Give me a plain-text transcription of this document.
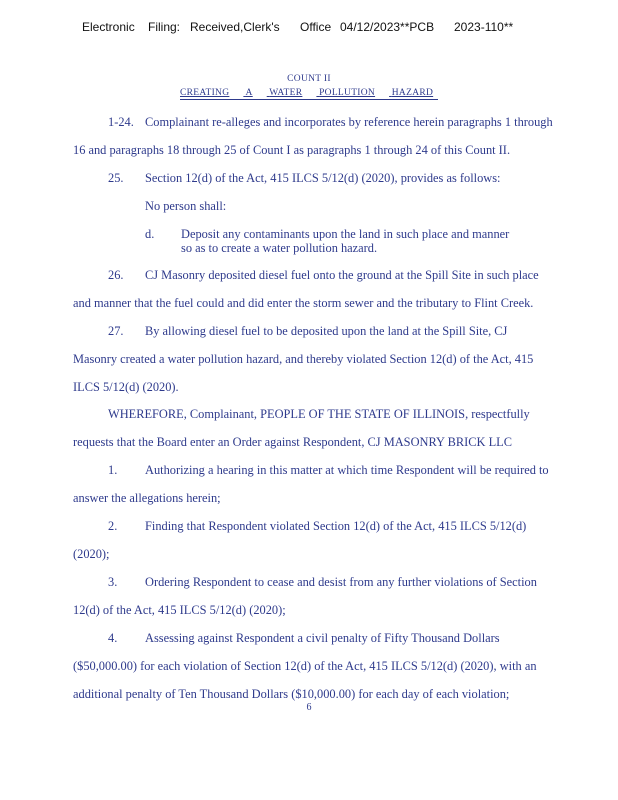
Electronic Filing: Received,Clerk's Office 04/12/2023**PCB 2023-110**
COUNT II
CREATING A WATER POLLUTION HAZARD
1-24. Complainant re-alleges and incorporates by reference herein paragraphs 1 through
16 and paragraphs 18 through 25 of Count I as paragraphs 1 through 24 of this Count II.
25. Section 12(d) of the Act, 415 ILCS 5/12(d) (2020), provides as follows:
No person shall:
d. Deposit any contaminants upon the land in such place and manner
so as to create a water pollution hazard.
26. CJ Masonry deposited diesel fuel onto the ground at the Spill Site in such place
and manner that the fuel could and did enter the storm sewer and the tributary to Flint Creek.
27. By allowing diesel fuel to be deposited upon the land at the Spill Site, CJ
Masonry created a water pollution hazard, and thereby violated Section 12(d) of the Act, 415
ILCS 5/12(d) (2020).
WHEREFORE, Complainant, PEOPLE OF THE STATE OF ILLINOIS, respectfully
requests that the Board enter an Order against Respondent, CJ MASONRY BRICK LLC
1. Authorizing a hearing in this matter at which time Respondent will be required to
answer the allegations herein;
2. Finding that Respondent violated Section 12(d) of the Act, 415 ILCS 5/12(d)
(2020);
3. Ordering Respondent to cease and desist from any further violations of Section
12(d) of the Act, 415 ILCS 5/12(d) (2020);
4. Assessing against Respondent a civil penalty of Fifty Thousand Dollars
($50,000.00) for each violation of Section 12(d) of the Act, 415 ILCS 5/12(d) (2020), with an
additional penalty of Ten Thousand Dollars ($10,000.00) for each day of each violation;
6
